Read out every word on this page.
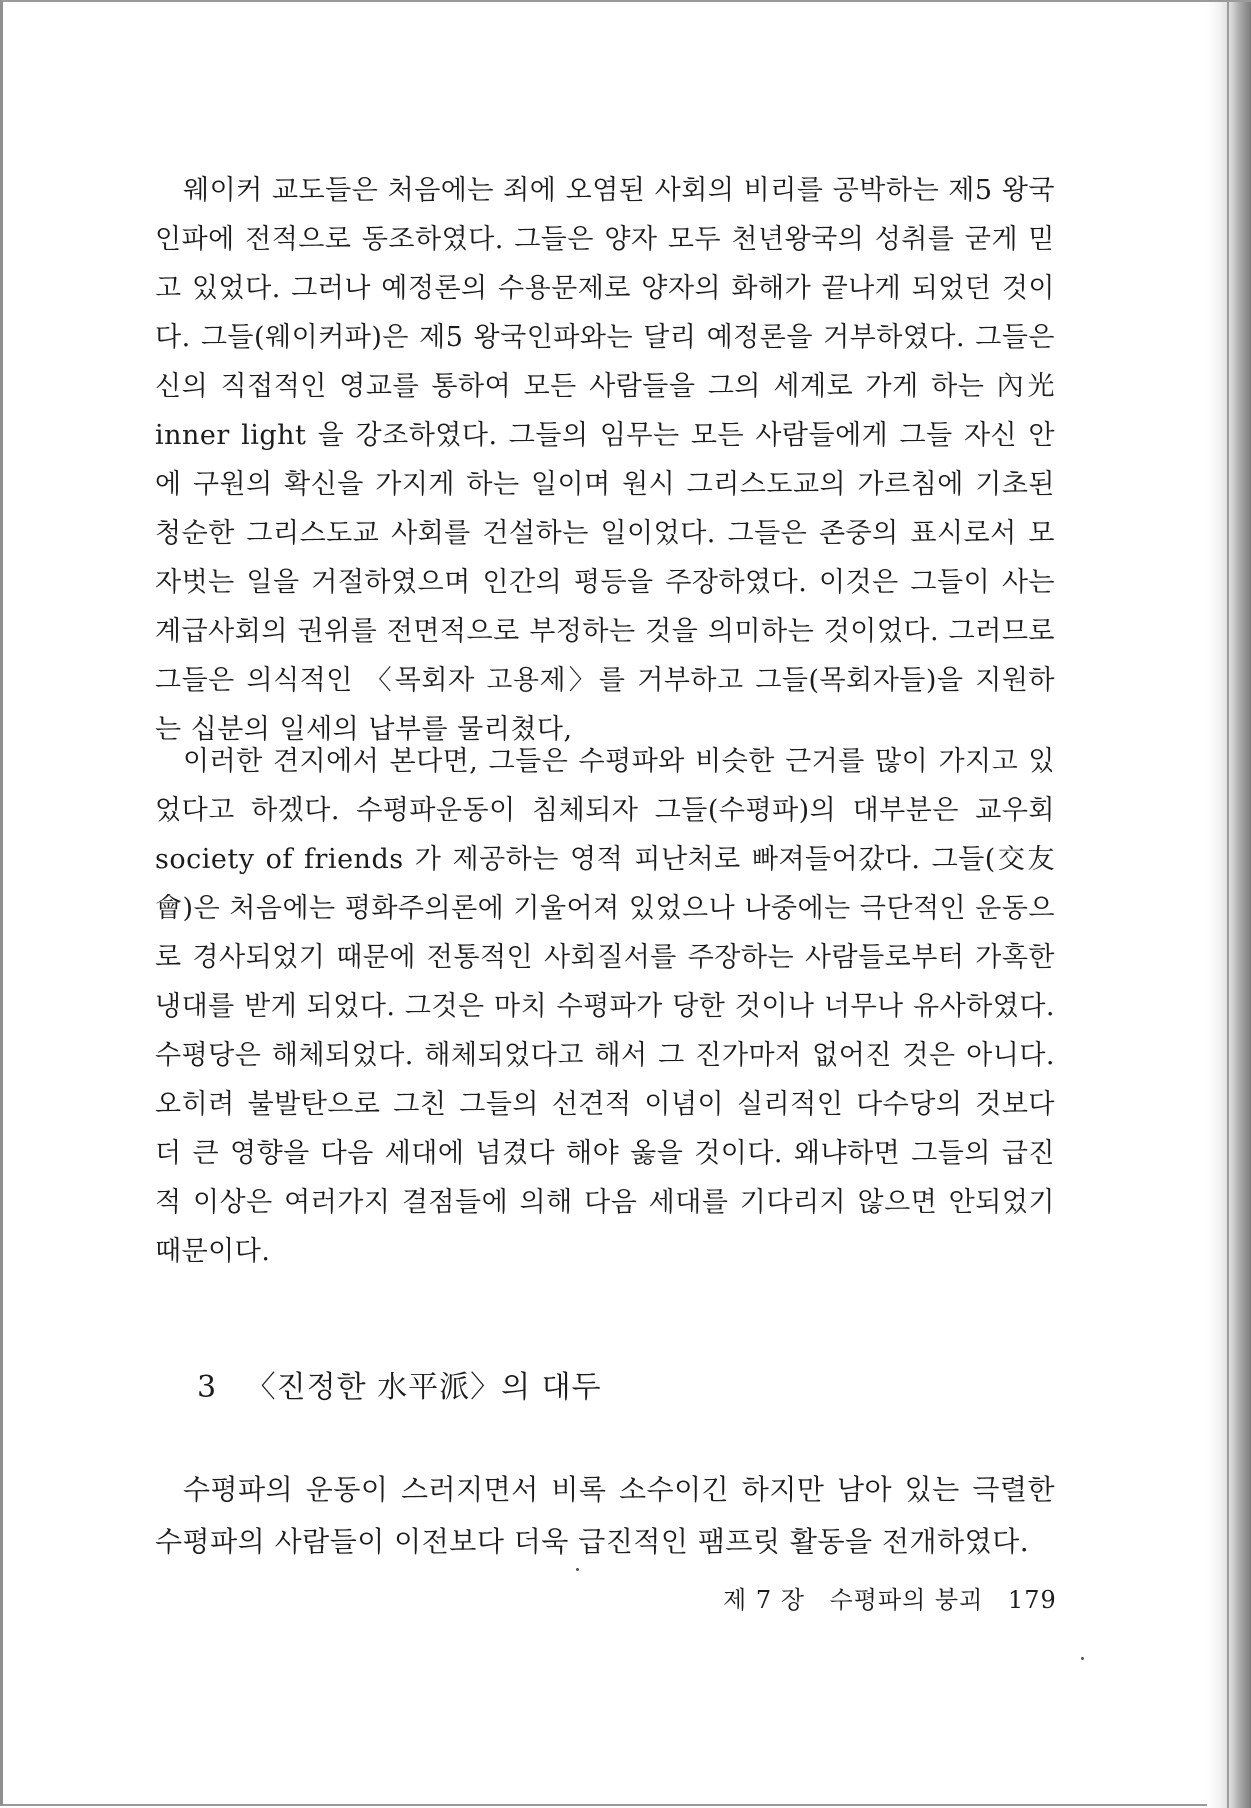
웨이커 교도들은 처음에는 죄에 오염된 사회의 비리를 공박하는 제5 왕국인파에 전적으로 동조하였다. 그들은 양자 모두 천년왕국의 성취를 굳게 믿고 있었다. 그러나 예정론의 수용문제로 양자의 화해가 끝나게 되었던 것이다. 그들(웨이커파)은 제5 왕국인파와는 달리 예정론을 거부하였다. 그들은 신의 직접적인 영교를 통하여 모든 사람들을 그의 세계로 가게 하는 內光 inner light 을 강조하였다. 그들의 임무는 모든 사람들에게 그들 자신 안에 구원의 확신을 가지게 하는 일이며 원시 그리스도교의 가르침에 기초된 청순한 그리스도교 사회를 건설하는 일이었다. 그들은 존중의 표시로서 모자벗는 일을 거절하였으며 인간의 평등을 주장하였다. 이것은 그들이 사는 계급사회의 권위를 전면적으로 부정하는 것을 의미하는 것이었다. 그러므로 그들은 의식적인 〈목회자 고용제〉를 거부하고 그들(목회자들)을 지원하는 십분의 일세의 납부를 물리쳤다,
이러한 견지에서 본다면, 그들은 수평파와 비슷한 근거를 많이 가지고 있었다고 하겠다. 수평파운동이 침체되자 그들(수평파)의 대부분은 교우회 society of friends 가 제공하는 영적 피난처로 빠져들어갔다. 그들(交友會)은 처음에는 평화주의론에 기울어져 있었으나 나중에는 극단적인 운동으로 경사되었기 때문에 전통적인 사회질서를 주장하는 사람들로부터 가혹한 냉대를 받게 되었다. 그것은 마치 수평파가 당한 것이나 너무나 유사하였다. 수평당은 해체되었다. 해체되었다고 해서 그 진가마저 없어진 것은 아니다. 오히려 불발탄으로 그친 그들의 선견적 이념이 실리적인 다수당의 것보다 더 큰 영향을 다음 세대에 넘겼다 해야 옳을 것이다. 왜냐하면 그들의 급진적 이상은 여러가지 결점들에 의해 다음 세대를 기다리지 않으면 안되었기 때문이다.
3 〈진정한 水平派〉의 대두
수평파의 운동이 스러지면서 비록 소수이긴 하지만 남아 있는 극렬한 수평파의 사람들이 이전보다 더욱 급진적인 팸프릿 활동을 전개하였다.
제 7 장 수평파의 붕괴 179
